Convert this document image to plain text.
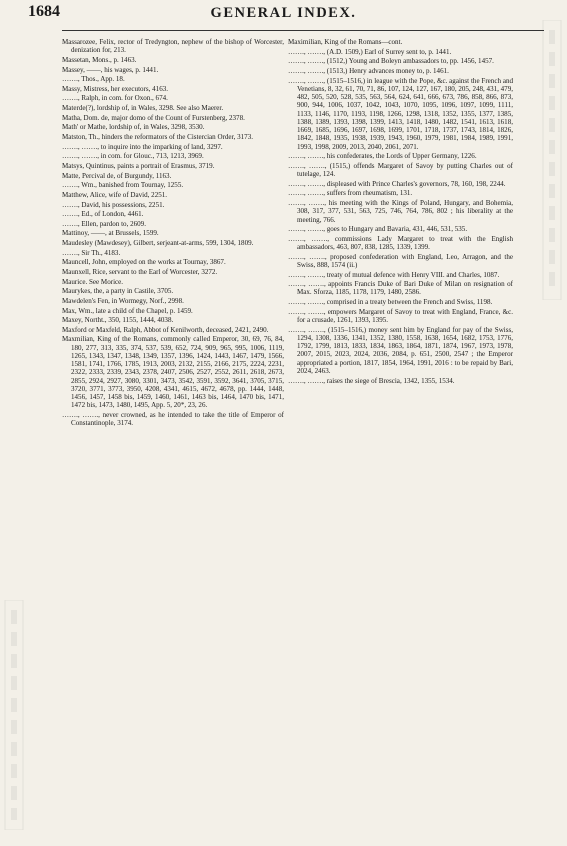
1684	GENERAL INDEX.

Massarozee, Felix, rector of Tredyngton, nephew of the bishop of Worcester, denization for, 213.

Massetan, Mons., p. 1463.

Massey, ——, his wages, p. 1441.

……., Thos., App. 18.

Massy, Mistress, her executors, 4163.

……., Ralph, in com. for Oxon., 674.

Materde(?), lordship of, in Wales, 3298. See also Maerer.

Matha, Dom. de, major domo of the Count of Furstenberg, 2378.

Math' or Mathe, lordship of, in Wales, 3298, 3530.

Matston, Th., hinders the reformators of the Cistercian Order, 3173.

……., ……., to inquire into the imparking of land, 3297.

……., ……., in com. for Glouc., 713, 1213, 3969.

Matsys, Quintinus, paints a portrait of Erasmus, 3719.

Matte, Percival de, of Burgundy, 1163.

……., Wm., banished from Tournay, 1255.

Matthew, Alice, wife of David, 2251.

……., David, his possessions, 2251.

……., Ed., of London, 4461.

……., Ellen, pardon to, 2609.

Mattinoy, ——, at Brussels, 1599.

Maudesley (Mawdesey), Gilbert, serjeant-at-arms, 599, 1304, 1809.

……., Sir Th., 4183.

Mauncell, John, employed on the works at Tournay, 3867.

Maunxell, Rice, servant to the Earl of Worcester, 3272.

Maurice. See Morice.

Maurykes, the, a party in Castile, 3705.

Mawdelen's Fen, in Wormegy, Norf., 2998.

Max, Wm., late a child of the Chapel, p. 1459.

Maxey, Northt., 350, 1155, 1444, 4038.

Maxford or Maxfeld, Ralph, Abbot of Kenilworth, deceased, 2421, 2490.

Maxmilian, King of the Romans, commonly called Emperor, 30, 69, 76, 84, 180, 277, 313, 335, 374, 537, 539, 652, 724, 909, 965, 995, 1006, 1119, 1265, 1343, 1347, 1348, 1349, 1357, 1396, 1424, 1443, 1467, 1479, 1566, 1581, 1741, 1766, 1785, 1913, 2003, 2132, 2155, 2166, 2175, 2224, 2231, 2322, 2333, 2339, 2343, 2378, 2407, 2506, 2527, 2552, 2611, 2618, 2673, 2855, 2924, 2927, 3080, 3301, 3473, 3542, 3591, 3592, 3641, 3705, 3715, 3720, 3771, 3773, 3950, 4208, 4341, 4615, 4672, 4678, pp. 1444, 1448, 1456, 1457, 1458 bis, 1459, 1460, 1461, 1463 bis, 1464, 1470 bis, 1471, 1472 bis, 1473, 1480, 1495, App. 5, 20*, 23, 26.

……., ……., never crowned, as he intended to take the title of Emperor of Constantinople, 3174.

Maximilian, King of the Romans—cont.

……., ……., (A.D. 1509,) Earl of Surrey sent to, p. 1441.

……., ……., (1512,) Young and Boleyn ambassadors to, pp. 1456, 1457.

……., ……., (1513,) Henry advances money to, p. 1461.

……., ……., (1515–1516,) in league with the Pope, &c. against the French and Venetians, 8, 32, 61, 70, 71, 86, 107, 124, 127, 167, 180, 205, 248, 431, 479, 482, 505, 520, 528, 535, 563, 564, 624, 641, 666, 673, 786, 858, 866, 873, 900, 944, 1006, 1037, 1042, 1043, 1070, 1095, 1096, 1097, 1099, 1111, 1133, 1146, 1170, 1193, 1198, 1266, 1298, 1318, 1352, 1355, 1377, 1385, 1388, 1389, 1393, 1398, 1399, 1413, 1418, 1480, 1482, 1541, 1613, 1618, 1669, 1685, 1696, 1697, 1698, 1699, 1701, 1718, 1737, 1743, 1814, 1826, 1842, 1848, 1935, 1938, 1939, 1943, 1960, 1979, 1981, 1984, 1989, 1991, 1993, 1998, 2009, 2013, 2040, 2061, 2071.

……., ……., his confederates, the Lords of Upper Germany, 1226.

……., ……., (1515,) offends Margaret of Savoy by putting Charles out of tutelage, 124.

……., ……., displeased with Prince Charles's governors, 78, 160, 198, 2244.

……., ……., suffers from rheumatism, 131.

……., ……., his meeting with the Kings of Poland, Hungary, and Bohemia, 308, 317, 377, 531, 563, 725, 746, 764, 786, 802 ; his liberality at the meeting, 766.

……., ……., goes to Hungary and Bavaria, 431, 446, 531, 535.

……., ……., commissions Lady Margaret to treat with the English ambassadors, 463, 807, 838, 1285, 1339, 1399.

……., ……., proposed confederation with England, Leo, Arragon, and the Swiss, 888, 1574 (ii.)

……., ……., treaty of mutual defence with Henry VIII. and Charles, 1087.

……., ……., appoints Francis Duke of Bari Duke of Milan on resignation of Max. Sforza, 1185, 1178, 1179, 1480, 2586.

……., ……., comprised in a treaty between the French and Swiss, 1198.

……., ……., empowers Margaret of Savoy to treat with England, France, &c. for a crusade, 1261, 1393, 1395.

……., ……., (1515–1516,) money sent him by England for pay of the Swiss, 1294, 1308, 1336, 1341, 1352, 1380, 1558, 1638, 1654, 1682, 1753, 1776, 1792, 1799, 1813, 1833, 1834, 1863, 1864, 1871, 1874, 1967, 1973, 1978, 2007, 2015, 2023, 2024, 2036, 2084, p. 651, 2500, 2547 ; the Emperor appropriated a portion, 1817, 1854, 1964, 1991, 2016 : to be repaid by Bari, 2024, 2463.

……., ……., raises the siege of Brescia, 1342, 1355, 1534.
